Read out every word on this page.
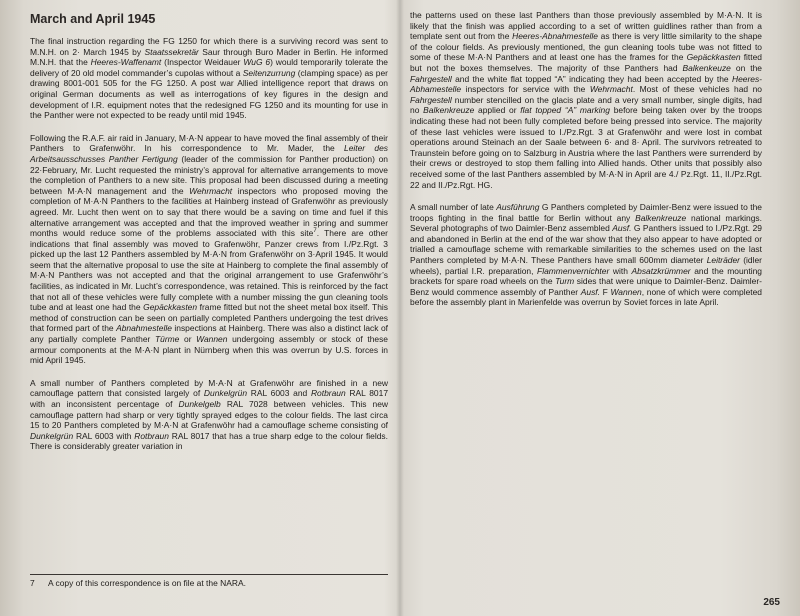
March and April 1945

The final instruction regarding the FG 1250 for which there is a surviving record was sent to M.N.H. on 2· March 1945 by Staatssekretär Saur through Buro Mader in Berlin. He informed M.N.H. that the Heeres-Waffenamt (Inspector Weidauer WuG 6) would temporarily tolerate the delivery of 20 old model commander’s cupolas without a Seitenzurrung (clamping space) as per drawing 8001-001 505 for the FG 1250. A post war Allied intelligence report that draws on original German documents as well as interrogations of key figures in the design and development of I.R. equipment notes that the redesigned FG 1250 and its mounting for use in the Panther were not expected to be ready until mid 1945.

Following the R.A.F. air raid in January, M·A·N appear to have moved the final assembly of their Panthers to Grafenwöhr. In his correspondence to Mr. Mader, the Leiter des Arbeitsausschusses Panther Fertigung (leader of the commission for Panther production) on 22·February, Mr. Lucht requested the ministry’s approval for alternative arrangements to move the completion of Panthers to a new site. This proposal had been discussed during a meeting between M·A·N management and the Wehrmacht inspectors who proposed moving the completion of M·A·N Panthers to the facilities at Hainberg instead of Grafenwöhr as previously agreed. Mr. Lucht then went on to say that there would be a saving on time and fuel if this alternative arrangement was accepted and that the improved weather in spring and summer months would reduce some of the problems associated with this site$^7$. There are other indications that final assembly was moved to Grafenwöhr, Panzer crews from I./Pz.Rgt. 3 picked up the last 12 Panthers assembled by M·A·N from Grafenwöhr on 3·April 1945. It would seem that the alternative proposal to use the site at Hainberg to complete the final assembly of M·A·N Panthers was not accepted and that the original arrangement to use Grafenwöhr’s facilities, as indicated in Mr. Lucht’s correspondence, was retained. This is reinforced by the fact that not all of these vehicles were fully complete with a number missing the gun cleaning tools tube and at least one had the Gepäckkasten frame fitted but not the sheet metal box itself. This method of construction can be seen on partially completed Panthers undergoing the test drives that formed part of the Abnahmestelle inspections at Hainberg. There was also a distinct lack of any partially complete Panther Türme or Wannen undergoing assembly or stock of these armour components at the M·A·N plant in Nürnberg when this was overrun by U.S. forces in mid April 1945.

A small number of Panthers completed by M·A·N at Grafenwöhr are finished in a new camouflage pattern that consisted largely of Dunkelgrün RAL 6003 and Rotbraun RAL 8017 with an inconsistent percentage of Dunkelgelb RAL 7028 between vehicles. This new camouflage pattern had sharp or very tightly sprayed edges to the colour fields. The last circa 15 to 20 Panthers completed by M·A·N at Grafenwöhr had a camouflage scheme consisting of Dunkelgrün RAL 6003 with Rotbraun RAL 8017 that has a true sharp edge to the colour fields. There is considerably greater variation in

the patterns used on these last Panthers than those previously assembled by M·A·N. It is likely that the finish was applied according to a set of written guidlines rather than from a template sent out from the Heeres-Abnahmestelle as there is very little similarity to the shape of the colour fields. As previously mentioned, the gun cleaning tools tube was not fitted to some of these M·A·N Panthers and at least one has the frames for the Gepäckkasten fitted but not the boxes themselves. The majority of thse Panthers had Balkenkeuze on the Fahrgestell and the white flat topped “A” indicating they had been accepted by the Heeres-Abhamestelle inspectors for service with the Wehrmacht. Most of these vehicles had no Fahrgestell number stencilled on the glacis plate and a very small number, single digits, had no Balkenkreuze applied or flat topped “A” marking before being taken over by the troops indicating these had not been fully completed before being pressed into service. The majority of these last vehicles were issued to I./Pz.Rgt. 3 at Grafenwöhr and were lost in combat operations around Steinach an der Saale between 6· and 8· April. The survivors retreated to Traunstein before going on to Salzburg in Austria where the last Panthers were surrenderd by their crews or destroyed to stop them falling into Allied hands. Other units that possibly also received some of the last Panthers assembled by M·A·N in April are 4./ Pz.Rgt. 11, II./Pz.Rgt. 22 and II./Pz.Rgt. HG.

A small number of late Ausführung G Panthers completed by Daimler-Benz were issued to the troops fighting in the final battle for Berlin without any Balkenkreuze national markings. Several photographs of two Daimler-Benz assembled Ausf. G Panthers issued to I./Pz.Rgt. 29 and abandoned in Berlin at the end of the war show that they also appear to have adopted or trialled a camouflage scheme with remarkable similarities to the schemes used on the last Panthers completed by M·A·N. These Panthers have small 600mm diameter Leiträder (idler wheels), partial I.R. preparation, Flammenvernichter with Absatzkrümmer and the mounting brackets for spare road wheels on the Turm sides that were unique to Daimler-Benz. Daimler-Benz would commence assembly of Panther Ausf. F Wannen, none of which were completed before the assembly plant in Marienfelde was overrun by Soviet forces in late April.

7 A copy of this correspondence is on file at the NARA.
265
